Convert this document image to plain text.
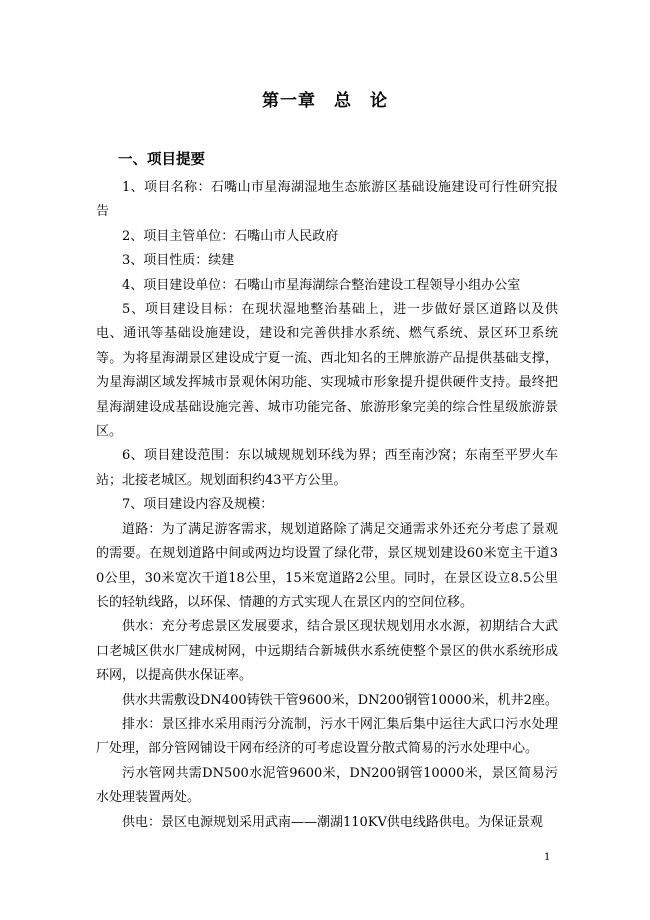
第一章　总　论
一、项目提要

1、项目名称：石嘴山市星海湖湿地生态旅游区基础设施建设可行性研究报告

2、项目主管单位：石嘴山市人民政府

3、项目性质：续建

4、项目建设单位：石嘴山市星海湖综合整治建设工程领导小组办公室

5、项目建设目标：在现状湿地整治基础上，进一步做好景区道路以及供电、通讯等基础设施建设，建设和完善供排水系统、燃气系统、景区环卫系统等。为将星海湖景区建设成宁夏一流、西北知名的王牌旅游产品提供基础支撑，为星海湖区域发挥城市景观休闲功能、实现城市形象提升提供硬件支持。最终把星海湖建设成基础设施完善、城市功能完备、旅游形象完美的综合性星级旅游景区。

6、项目建设范围：东以城规规划环线为界；西至南沙窝；东南至平罗火车站；北接老城区。规划面积约43平方公里。

7、项目建设内容及规模：

道路：为了满足游客需求，规划道路除了满足交通需求外还充分考虑了景观的需要。在规划道路中间或两边均设置了绿化带，景区规划建设60米宽主干道30公里，30米宽次干道18公里，15米宽道路2公里。同时，在景区设立8.5公里长的轻轨线路，以环保、情趣的方式实现人在景区内的空间位移。

供水：充分考虑景区发展要求，结合景区现状规划用水水源，初期结合大武口老城区供水厂建成树网，中远期结合新城供水系统使整个景区的供水系统形成环网，以提高供水保证率。

供水共需敷设DN400铸铁干管9600米，DN200钢管10000米，机井2座。

排水：景区排水采用雨污分流制，污水干网汇集后集中运往大武口污水处理厂处理，部分管网铺设干网布经济的可考虑设置分散式简易的污水处理中心。

污水管网共需DN500水泥管9600米，DN200钢管10000米，景区简易污水处理装置两处。

供电：景区电源规划采用武南——潮湖110KV供电线路供电。为保证景观

1
